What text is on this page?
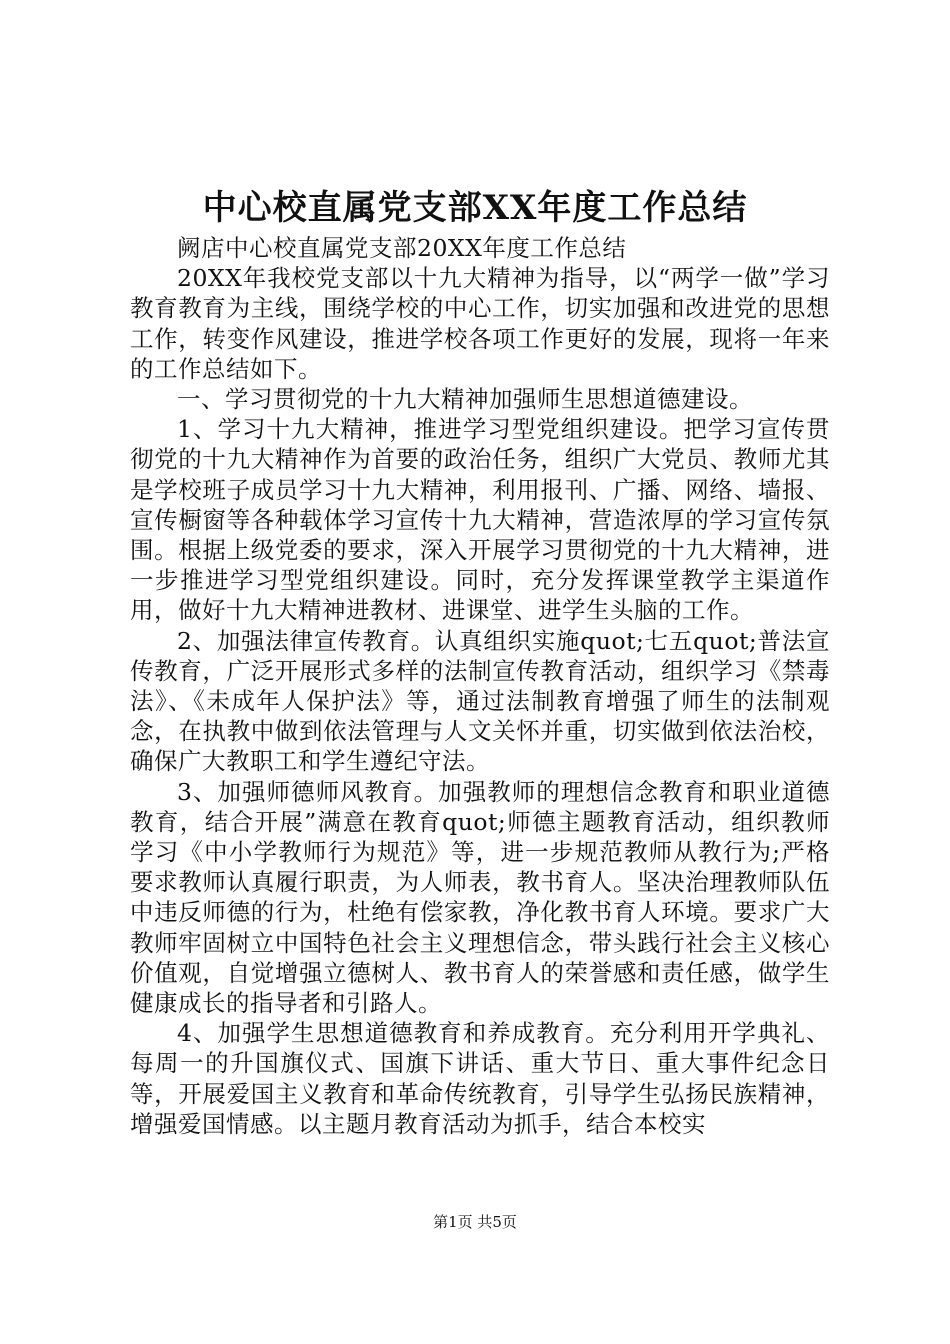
中心校直属党支部XX年度工作总结

阙店中心校直属党支部20XX年度工作总结

20XX年我校党支部以十九大精神为指导，以“两学一做”学习教育教育为主线，围绕学校的中心工作，切实加强和改进党的思想工作，转变作风建设，推进学校各项工作更好的发展，现将一年来的工作总结如下。

一、学习贯彻党的十九大精神加强师生思想道德建设。

1、学习十九大精神，推进学习型党组织建设。把学习宣传贯彻党的十九大精神作为首要的政治任务，组织广大党员、教师尤其是学校班子成员学习十九大精神，利用报刊、广播、网络、墙报、宣传橱窗等各种载体学习宣传十九大精神，营造浓厚的学习宣传氛围。根据上级党委的要求，深入开展学习贯彻党的十九大精神，进一步推进学习型党组织建设。同时，充分发挥课堂教学主渠道作用，做好十九大精神进教材、进课堂、进学生头脑的工作。

2、加强法律宣传教育。认真组织实施quot;七五quot;普法宣传教育，广泛开展形式多样的法制宣传教育活动，组织学习《禁毒法》、《未成年人保护法》等，通过法制教育增强了师生的法制观念，在执教中做到依法管理与人文关怀并重，切实做到依法治校，确保广大教职工和学生遵纪守法。

3、加强师德师风教育。加强教师的理想信念教育和职业道德教育，结合开展”满意在教育quot;师德主题教育活动，组织教师学习《中小学教师行为规范》等，进一步规范教师从教行为;严格要求教师认真履行职责，为人师表，教书育人。坚决治理教师队伍中违反师德的行为，杜绝有偿家教，净化教书育人环境。要求广大教师牢固树立中国特色社会主义理想信念，带头践行社会主义核心价值观，自觉增强立德树人、教书育人的荣誉感和责任感，做学生健康成长的指导者和引路人。

4、加强学生思想道德教育和养成教育。充分利用开学典礼、每周一的升国旗仪式、国旗下讲话、重大节日、重大事件纪念日等，开展爱国主义教育和革命传统教育，引导学生弘扬民族精神，增强爱国情感。以主题月教育活动为抓手，结合本校实

第1页 共5页
